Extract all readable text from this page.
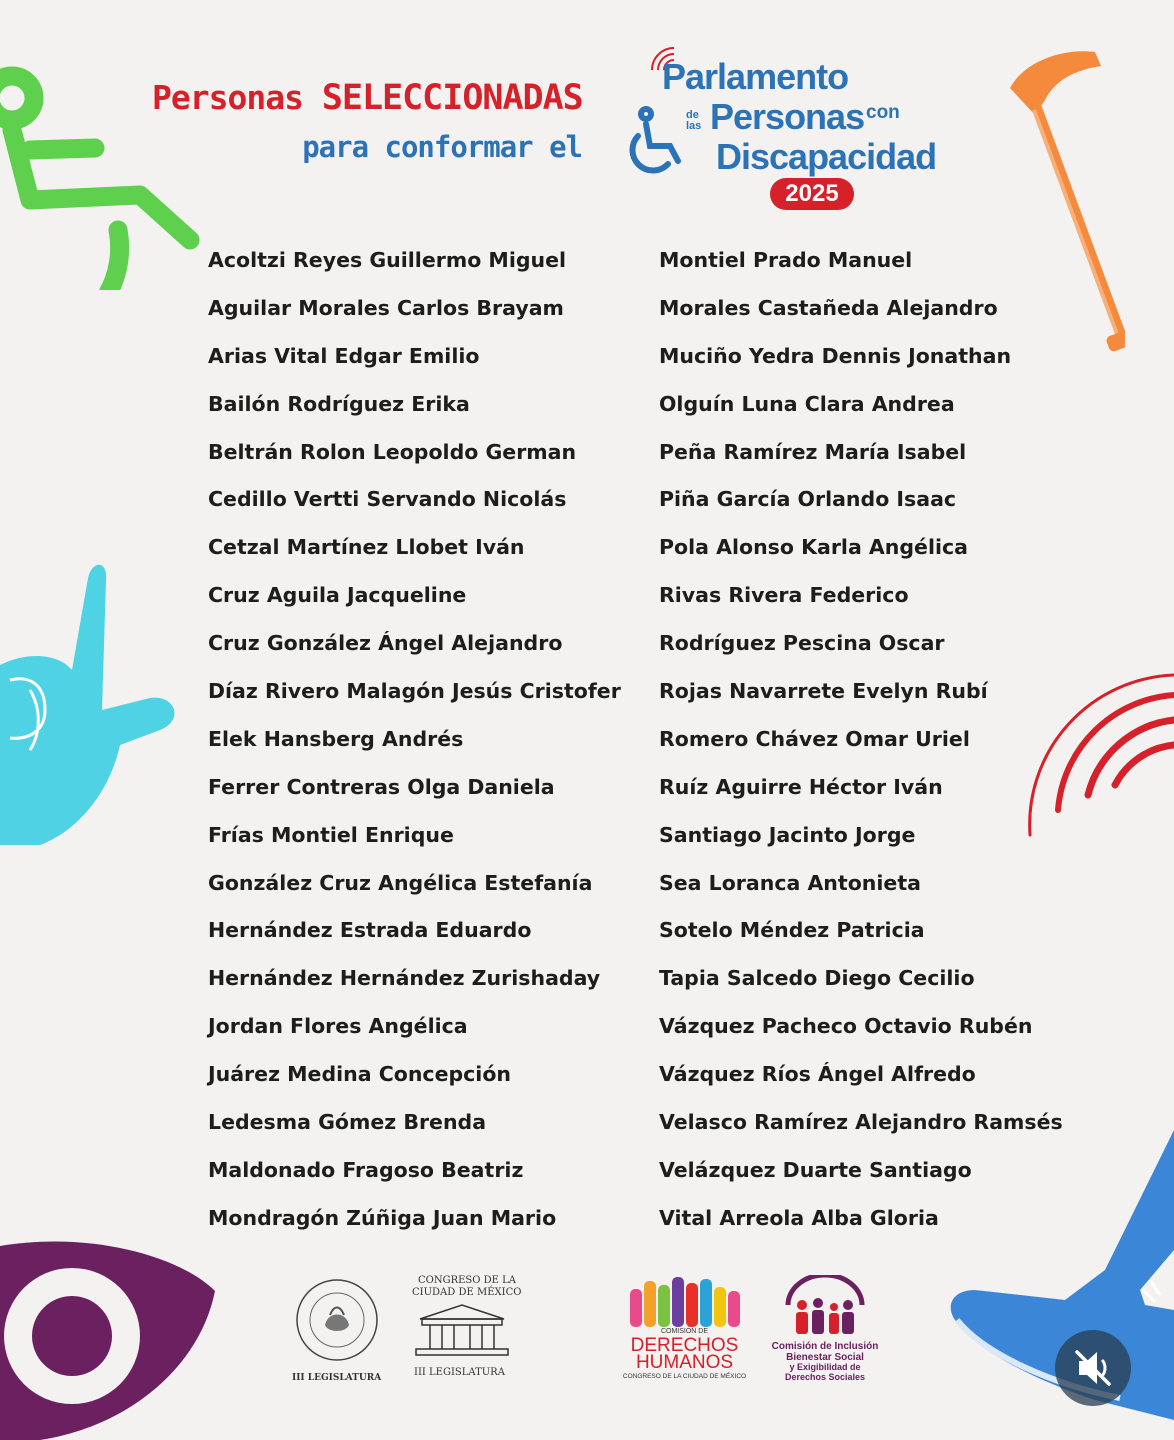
Personas SELECCIONADAS
para conformar el
Parlamento
de
las Personas con
Discapacidad
2025
Acoltzi Reyes Guillermo Miguel
Aguilar Morales Carlos Brayam
Arias Vital Edgar Emilio
Bailón Rodríguez Erika
Beltrán Rolon Leopoldo German
Cedillo Vertti Servando Nicolás
Cetzal Martínez Llobet Iván
Cruz Aguila Jacqueline
Cruz González Ángel Alejandro
Díaz Rivero Malagón Jesús Cristofer
Elek Hansberg Andrés
Ferrer Contreras Olga Daniela
Frías Montiel Enrique
González Cruz Angélica Estefanía
Hernández Estrada Eduardo
Hernández Hernández Zurishaday
Jordan Flores Angélica
Juárez Medina Concepción
Ledesma Gómez Brenda
Maldonado Fragoso Beatriz
Mondragón Zúñiga Juan Mario
Montiel Prado Manuel
Morales Castañeda Alejandro
Muciño Yedra Dennis Jonathan
Olguín Luna Clara Andrea
Peña Ramírez María Isabel
Piña García Orlando Isaac
Pola Alonso Karla Angélica
Rivas Rivera Federico
Rodríguez Pescina Oscar
Rojas Navarrete Evelyn Rubí
Romero Chávez Omar Uriel
Ruíz Aguirre Héctor Iván
Santiago Jacinto Jorge
Sea Loranca Antonieta
Sotelo Méndez Patricia
Tapia Salcedo Diego Cecilio
Vázquez Pacheco Octavio Rubén
Vázquez Ríos Ángel Alfredo
Velasco Ramírez Alejandro Ramsés
Velázquez Duarte Santiago
Vital Arreola Alba Gloria
III LEGISLATURA
CONGRESO DE LA
CIUDAD DE MÉXICO
III LEGISLATURA
COMISIÓN DE
DERECHOS
HUMANOS
CONGRESO DE LA CIUDAD DE MÉXICO
Comisión de Inclusión
Bienestar Social
y Exigibilidad de
Derechos Sociales
